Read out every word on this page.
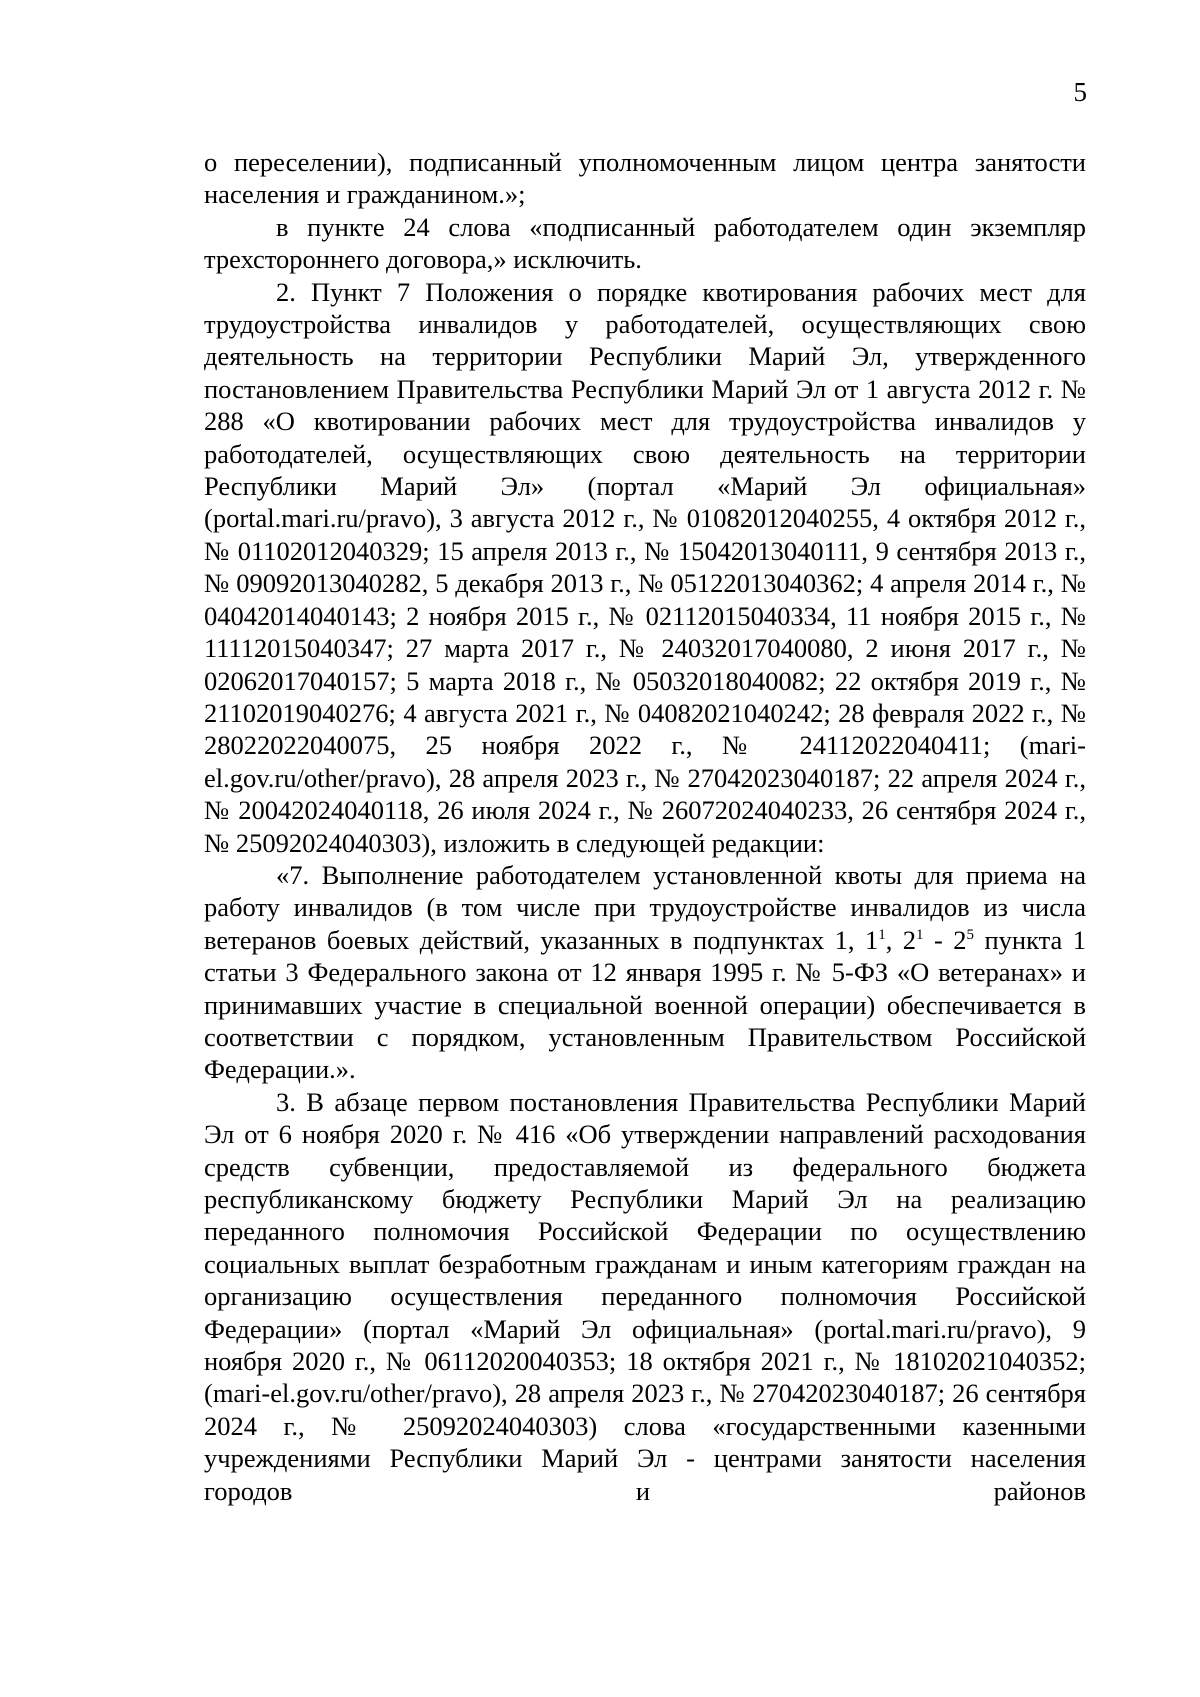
5

о переселении), подписанный уполномоченным лицом центра занятости населения и гражданином.»;

в пункте 24 слова «подписанный работодателем один экземпляр трехстороннего договора,» исключить.

2. Пункт 7 Положения о порядке квотирования рабочих мест для трудоустройства инвалидов у работодателей, осуществляющих свою деятельность на территории Республики Марий Эл, утвержденного постановлением Правительства Республики Марий Эл от 1 августа 2012 г. № 288 «О квотировании рабочих мест для трудоустройства инвалидов у работодателей, осуществляющих свою деятельность на территории Республики Марий Эл» (портал «Марий Эл официальная» (portal.mari.ru/pravo), 3 августа 2012 г., № 01082012040255, 4 октября 2012 г., № 01102012040329; 15 апреля 2013 г., № 15042013040111, 9 сентября 2013 г., № 09092013040282, 5 декабря 2013 г., № 05122013040362; 4 апреля 2014 г., № 04042014040143; 2 ноября 2015 г., № 02112015040334, 11 ноября 2015 г., № 11112015040347; 27 марта 2017 г., № 24032017040080, 2 июня 2017 г., № 02062017040157; 5 марта 2018 г., № 05032018040082; 22 октября 2019 г., № 21102019040276; 4 августа 2021 г., № 04082021040242; 28 февраля 2022 г., № 28022022040075, 25 ноября 2022 г., № 24112022040411; (mari-el.gov.ru/other/pravo), 28 апреля 2023 г., № 27042023040187; 22 апреля 2024 г., № 20042024040118, 26 июля 2024 г., № 26072024040233, 26 сентября 2024 г., № 25092024040303), изложить в следующей редакции:

«7. Выполнение работодателем установленной квоты для приема на работу инвалидов (в том числе при трудоустройстве инвалидов из числа ветеранов боевых действий, указанных в подпунктах 1, $1^1$, $2^1 - 2^5$ пункта 1 статьи 3 Федерального закона от 12 января 1995 г. № 5-ФЗ «О ветеранах» и принимавших участие в специальной военной операции) обеспечивается в соответствии с порядком, установленным Правительством Российской Федерации.».

3. В абзаце первом постановления Правительства Республики Марий Эл от 6 ноября 2020 г. № 416 «Об утверждении направлений расходования средств субвенции, предоставляемой из федерального бюджета республиканскому бюджету Республики Марий Эл на реализацию переданного полномочия Российской Федерации по осуществлению социальных выплат безработным гражданам и иным категориям граждан на организацию осуществления переданного полномочия Российской Федерации» (портал «Марий Эл официальная» (portal.mari.ru/pravo), 9 ноября 2020 г., № 06112020040353; 18 октября 2021 г., № 18102021040352; (mari-el.gov.ru/other/pravo), 28 апреля 2023 г., № 27042023040187; 26 сентября 2024 г., № 25092024040303) слова «государственными казенными учреждениями Республики Марий Эл - центрами занятости населения городов и районов
